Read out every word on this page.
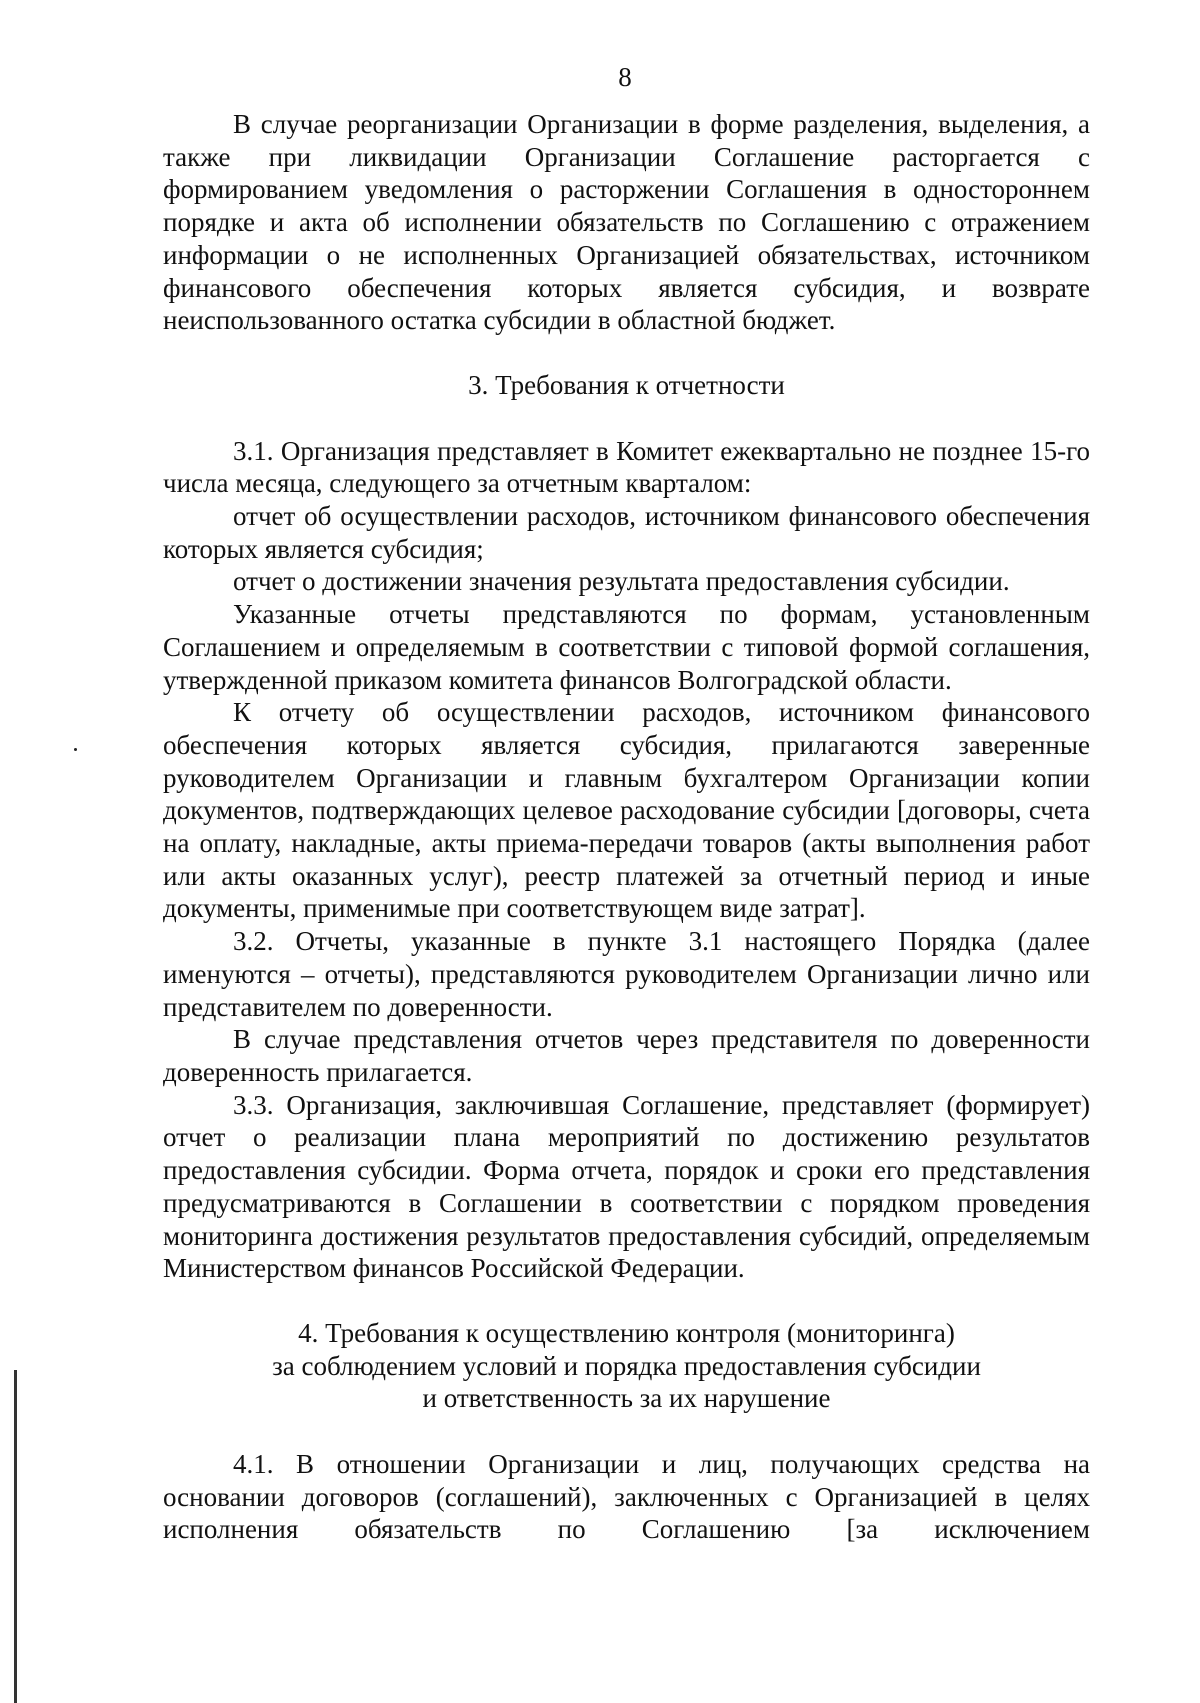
8

В случае реорганизации Организации в форме разделения, выделения, а также при ликвидации Организации Соглашение расторгается с формированием уведомления о расторжении Соглашения в одностороннем порядке и акта об исполнении обязательств по Соглашению с отражением информации о не исполненных Организацией обязательствах, источником финансового обеспечения которых является субсидия, и возврате неиспользованного остатка субсидии в областной бюджет.

3. Требования к отчетности

3.1. Организация представляет в Комитет ежеквартально не позднее 15-го числа месяца, следующего за отчетным кварталом:

отчет об осуществлении расходов, источником финансового обеспечения которых является субсидия;

отчет о достижении значения результата предоставления субсидии.

Указанные отчеты представляются по формам, установленным Соглашением и определяемым в соответствии с типовой формой соглашения, утвержденной приказом комитета финансов Волгоградской области.

К отчету об осуществлении расходов, источником финансового обеспечения которых является субсидия, прилагаются заверенные руководителем Организации и главным бухгалтером Организации копии документов, подтверждающих целевое расходование субсидии [договоры, счета на оплату, накладные, акты приема-передачи товаров (акты выполнения работ или акты оказанных услуг), реестр платежей за отчетный период и иные документы, применимые при соответствующем виде затрат].

3.2. Отчеты, указанные в пункте 3.1 настоящего Порядка (далее именуются – отчеты), представляются руководителем Организации лично или представителем по доверенности.

В случае представления отчетов через представителя по доверенности доверенность прилагается.

3.3. Организация, заключившая Соглашение, представляет (формирует) отчет о реализации плана мероприятий по достижению результатов предоставления субсидии. Форма отчета, порядок и сроки его представления предусматриваются в Соглашении в соответствии с порядком проведения мониторинга достижения результатов предоставления субсидий, определяемым Министерством финансов Российской Федерации.

4. Требования к осуществлению контроля (мониторинга)
за соблюдением условий и порядка предоставления субсидии
и ответственность за их нарушение

4.1. В отношении Организации и лиц, получающих средства на основании договоров (соглашений), заключенных с Организацией в целях исполнения обязательств по Соглашению [за исключением
